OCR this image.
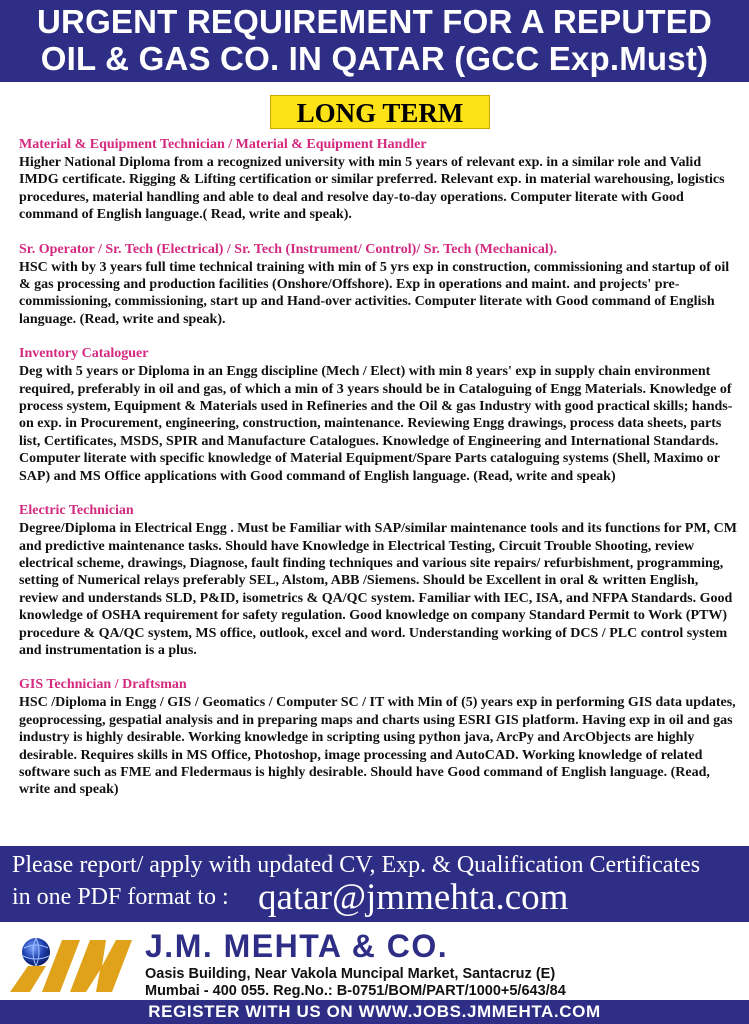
URGENT REQUIREMENT FOR A REPUTED
OIL & GAS CO. IN QATAR (GCC Exp.Must)
LONG TERM
Material & Equipment Technician / Material & Equipment Handler
Higher National Diploma from a recognized university with min 5 years of relevant exp. in a similar role and Valid IMDG certificate. Rigging & Lifting certification or similar preferred. Relevant exp. in material warehousing, logistics procedures, material handling and able to deal and resolve day-to-day operations. Computer literate with Good command of English language.( Read, write and speak).
Sr. Operator / Sr. Tech (Electrical) / Sr. Tech (Instrument/ Control)/ Sr. Tech (Mechanical).
HSC with by 3 years full time technical training with min of 5 yrs exp in construction, commissioning and startup of oil & gas processing and production facilities (Onshore/Offshore). Exp in operations and maint. and projects' pre-commissioning, commissioning, start up and Hand-over activities. Computer literate with Good command of English language. (Read, write and speak).
Inventory Cataloguer
Deg with 5 years or Diploma in an Engg discipline (Mech / Elect) with min 8 years' exp in supply chain environment required, preferably in oil and gas, of which a min of 3 years should be in Cataloguing of Engg Materials. Knowledge of process system, Equipment & Materials used in Refineries and the Oil & gas Industry with good practical skills; hands-on exp. in Procurement, engineering, construction, maintenance. Reviewing Engg drawings, process data sheets, parts list, Certificates, MSDS, SPIR and Manufacture Catalogues. Knowledge of Engineering and International Standards. Computer literate with specific knowledge of Material Equipment/Spare Parts cataloguing systems (Shell, Maximo or SAP) and MS Office applications with Good command of English language. (Read, write and speak)
Electric Technician
Degree/Diploma in Electrical Engg . Must be Familiar with SAP/similar maintenance tools and its functions for PM, CM and predictive maintenance tasks. Should have Knowledge in Electrical Testing, Circuit Trouble Shooting, review electrical scheme, drawings, Diagnose, fault finding techniques and various site repairs/ refurbishment, programming, setting of Numerical relays preferably SEL, Alstom, ABB /Siemens. Should be Excellent in oral & written English, review and understands SLD, P&ID, isometrics & QA/QC system. Familiar with IEC, ISA, and NFPA Standards. Good knowledge of OSHA requirement for safety regulation. Good knowledge on company Standard Permit to Work (PTW) procedure & QA/QC system, MS office, outlook, excel and word. Understanding working of DCS / PLC control system and instrumentation is a plus.
GIS Technician / Draftsman
HSC /Diploma in Engg / GIS / Geomatics / Computer SC / IT with Min of (5) years exp in performing GIS data updates, geoprocessing, gespatial analysis and in preparing maps and charts using ESRI GIS platform. Having exp in oil and gas industry is highly desirable. Working knowledge in scripting using python java, ArcPy and ArcObjects are highly desirable. Requires skills in MS Office, Photoshop, image processing and AutoCAD. Working knowledge of related software such as FME and Fledermaus is highly desirable. Should have Good command of English language. (Read, write and speak)
Please report/ apply with updated CV, Exp. & Qualification Certificates
in one PDF format to : qatar@jmmehta.com
J.M. MEHTA & CO.
Oasis Building, Near Vakola Muncipal Market, Santacruz (E)
Mumbai - 400 055. Reg.No.: B-0751/BOM/PART/1000+5/643/84
REGISTER WITH US ON WWW.JOBS.JMMEHTA.COM
